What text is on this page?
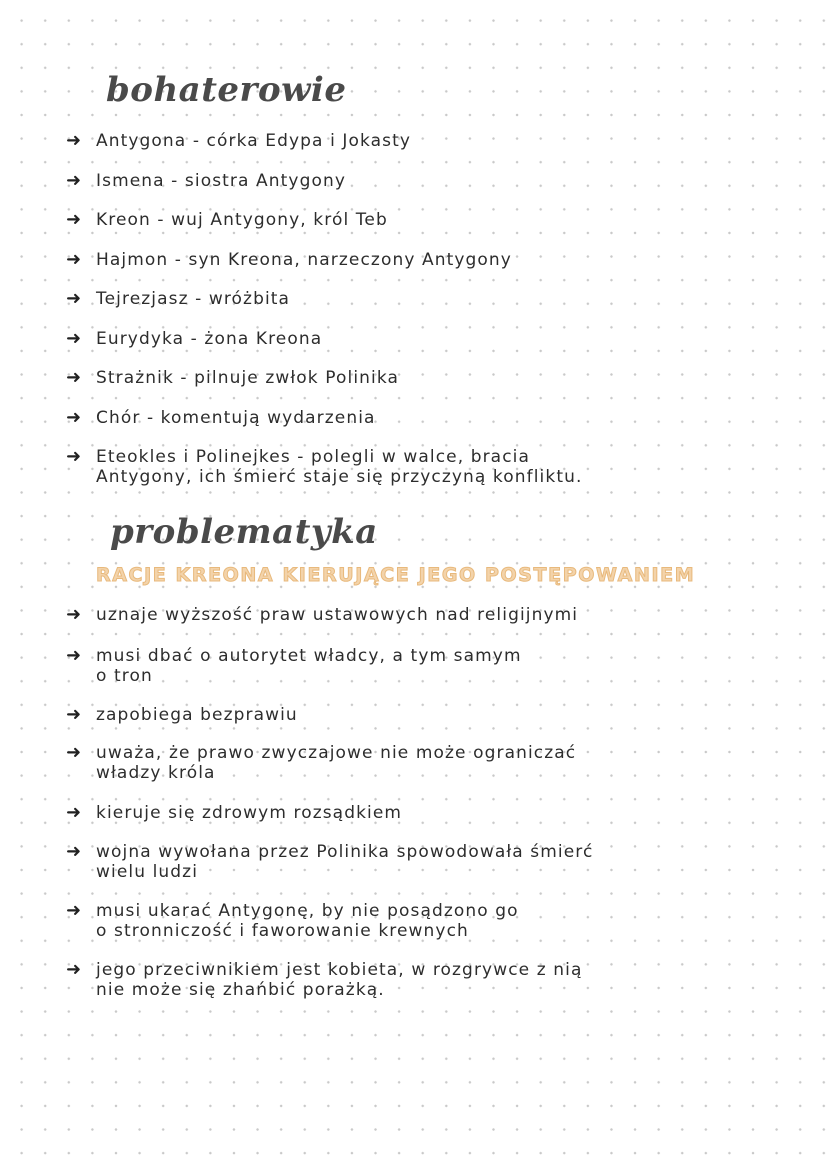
bohaterowie
➜ Antygona - córka Edypa i Jokasty
➜ Ismena - siostra Antygony
➜ Kreon - wuj Antygony, król Teb
➜ Hajmon - syn Kreona, narzeczony Antygony
➜ Tejrezjasz - wróżbita
➜ Eurydyka - żona Kreona
➜ Strażnik - pilnuje zwłok Polinika
➜ Chór - komentują wydarzenia
➜ Eteokles i Polinejkes - polegli w walce, bracia
Antygony, ich śmierć staje się przyczyną konfliktu.
problematyka
RACJE KREONA KIERUJĄCE JEGO POSTĘPOWANIEM
➜ uznaje wyższość praw ustawowych nad religijnymi
➜ musi dbać o autorytet władcy, a tym samym
o tron
➜ zapobiega bezprawiu
➜ uważa, że prawo zwyczajowe nie może ograniczać
władzy króla
➜ kieruje się zdrowym rozsądkiem
➜ wojna wywołana przez Polinika spowodowała śmierć
wielu ludzi
➜ musi ukarać Antygonę, by nie posądzono go
o stronniczość i faworowanie krewnych
➜ jego przeciwnikiem jest kobieta, w rozgrywce z nią
nie może się zhańbić porażką.
